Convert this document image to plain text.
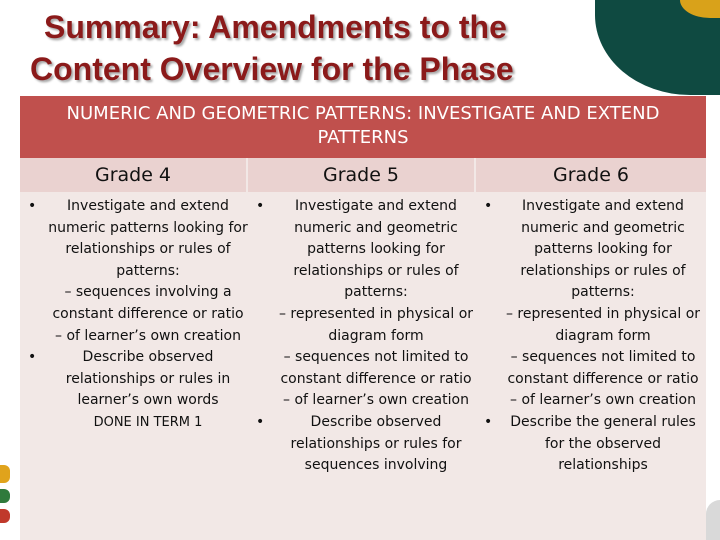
Summary: Amendments to the
Content Overview for the Phase
NUMERIC AND GEOMETRIC PATTERNS: INVESTIGATE AND EXTEND
PATTERNS
Grade 4	Grade 5	Grade 6
• Investigate and extend numeric patterns looking for relationships or rules of patterns:
– sequences involving a constant difference or ratio
– of learner’s own creation
• Describe observed relationships or rules in learner’s own words
DONE IN TERM 1
• Investigate and extend numeric and geometric patterns looking for relationships or rules of patterns:
– represented in physical or diagram form
– sequences not limited to constant difference or ratio
– of learner’s own creation
• Describe observed relationships or rules for sequences involving
• Investigate and extend numeric and geometric patterns looking for relationships or rules of patterns:
– represented in physical or diagram form
– sequences not limited to constant difference or ratio
– of learner’s own creation
• Describe the general rules for the observed relationships
